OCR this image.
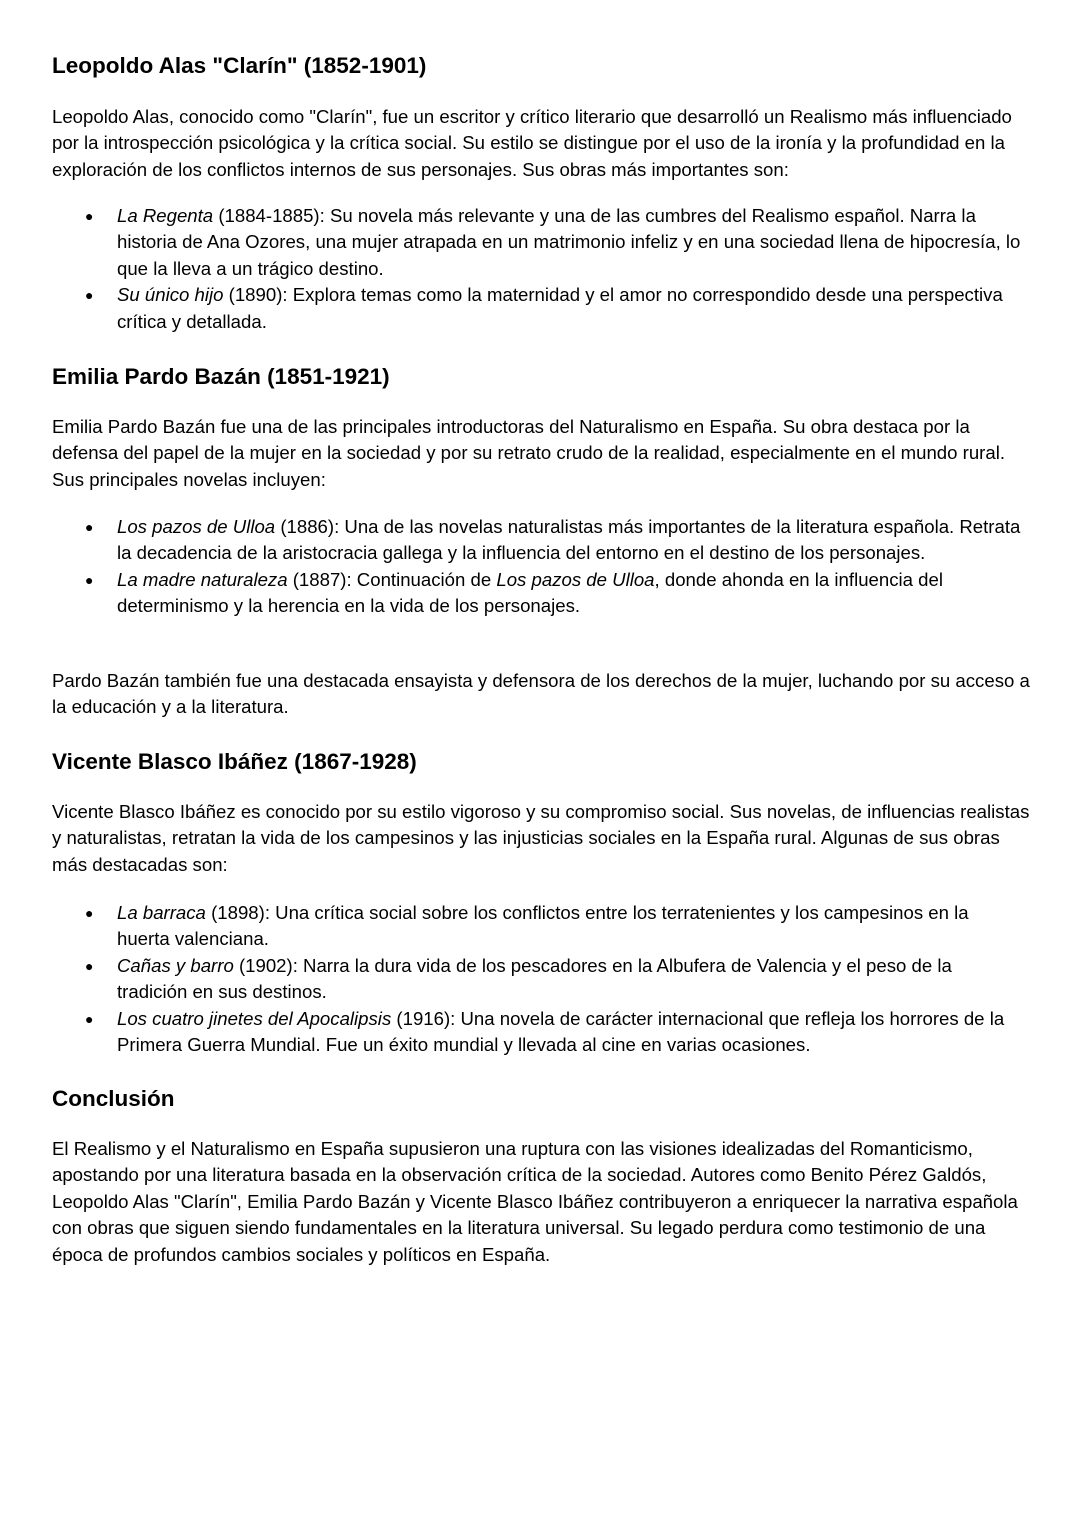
Leopoldo Alas "Clarín" (1852-1901)

Leopoldo Alas, conocido como "Clarín", fue un escritor y crítico literario que desarrolló un Realismo más influenciado por la introspección psicológica y la crítica social. Su estilo se distingue por el uso de la ironía y la profundidad en la exploración de los conflictos internos de sus personajes. Sus obras más importantes son:

● La Regenta (1884-1885): Su novela más relevante y una de las cumbres del Realismo español. Narra la historia de Ana Ozores, una mujer atrapada en un matrimonio infeliz y en una sociedad llena de hipocresía, lo que la lleva a un trágico destino.
● Su único hijo (1890): Explora temas como la maternidad y el amor no correspondido desde una perspectiva crítica y detallada.
Emilia Pardo Bazán (1851-1921)

Emilia Pardo Bazán fue una de las principales introductoras del Naturalismo en España. Su obra destaca por la defensa del papel de la mujer en la sociedad y por su retrato crudo de la realidad, especialmente en el mundo rural. Sus principales novelas incluyen:

● Los pazos de Ulloa (1886): Una de las novelas naturalistas más importantes de la literatura española. Retrata la decadencia de la aristocracia gallega y la influencia del entorno en el destino de los personajes.
● La madre naturaleza (1887): Continuación de Los pazos de Ulloa, donde ahonda en la influencia del determinismo y la herencia en la vida de los personajes.

Pardo Bazán también fue una destacada ensayista y defensora de los derechos de la mujer, luchando por su acceso a la educación y a la literatura.

Vicente Blasco Ibáñez (1867-1928)

Vicente Blasco Ibáñez es conocido por su estilo vigoroso y su compromiso social. Sus novelas, de influencias realistas y naturalistas, retratan la vida de los campesinos y las injusticias sociales en la España rural. Algunas de sus obras más destacadas son:

● La barraca (1898): Una crítica social sobre los conflictos entre los terratenientes y los campesinos en la huerta valenciana.
● Cañas y barro (1902): Narra la dura vida de los pescadores en la Albufera de Valencia y el peso de la tradición en sus destinos.
● Los cuatro jinetes del Apocalipsis (1916): Una novela de carácter internacional que refleja los horrores de la Primera Guerra Mundial. Fue un éxito mundial y llevada al cine en varias ocasiones.
Conclusión

El Realismo y el Naturalismo en España supusieron una ruptura con las visiones idealizadas del Romanticismo, apostando por una literatura basada en la observación crítica de la sociedad. Autores como Benito Pérez Galdós, Leopoldo Alas "Clarín", Emilia Pardo Bazán y Vicente Blasco Ibáñez contribuyeron a enriquecer la narrativa española con obras que siguen siendo fundamentales en la literatura universal. Su legado perdura como testimonio de una época de profundos cambios sociales y políticos en España.
